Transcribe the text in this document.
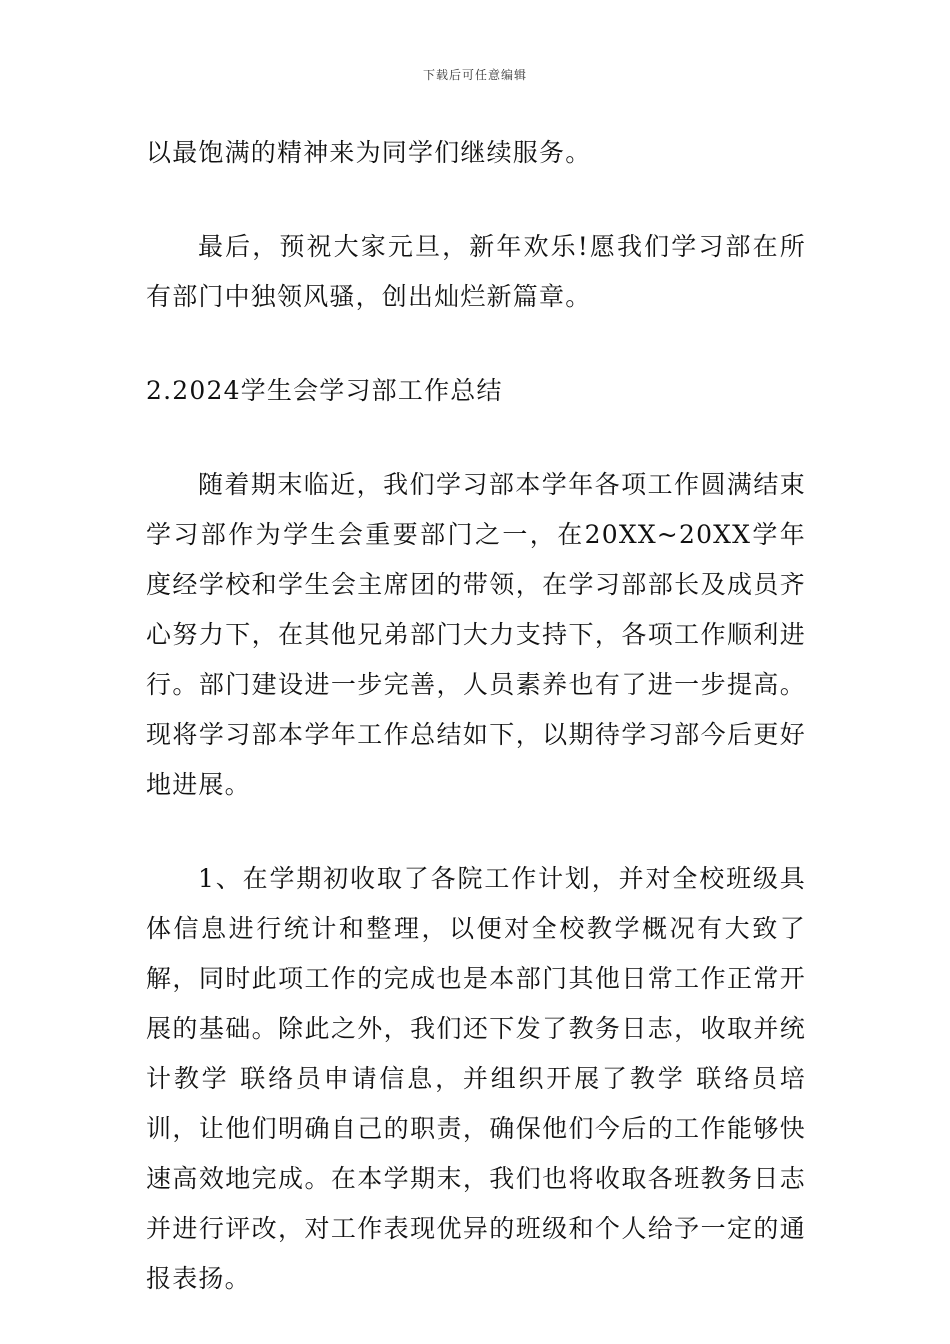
下载后可任意编辑

以最饱满的精神来为同学们继续服务。

最后，预祝大家元旦，新年欢乐!愿我们学习部在所有部门中独领风骚，创出灿烂新篇章。

2.2024学生会学习部工作总结

随着期末临近，我们学习部本学年各项工作圆满结束学习部作为学生会重要部门之一，在20XX~20XX学年度经学校和学生会主席团的带领，在学习部部长及成员齐心努力下，在其他兄弟部门大力支持下，各项工作顺利进行。部门建设进一步完善，人员素养也有了进一步提高。现将学习部本学年工作总结如下，以期待学习部今后更好地进展。

1、在学期初收取了各院工作计划，并对全校班级具体信息进行统计和整理，以便对全校教学概况有大致了解，同时此项工作的完成也是本部门其他日常工作正常开展的基础。除此之外，我们还下发了教务日志，收取并统计教学 联络员申请信息，并组织开展了教学 联络员培训，让他们明确自己的职责，确保他们今后的工作能够快速高效地完成。在本学期末，我们也将收取各班教务日志并进行评改，对工作表现优异的班级和个人给予一定的通报表扬。
